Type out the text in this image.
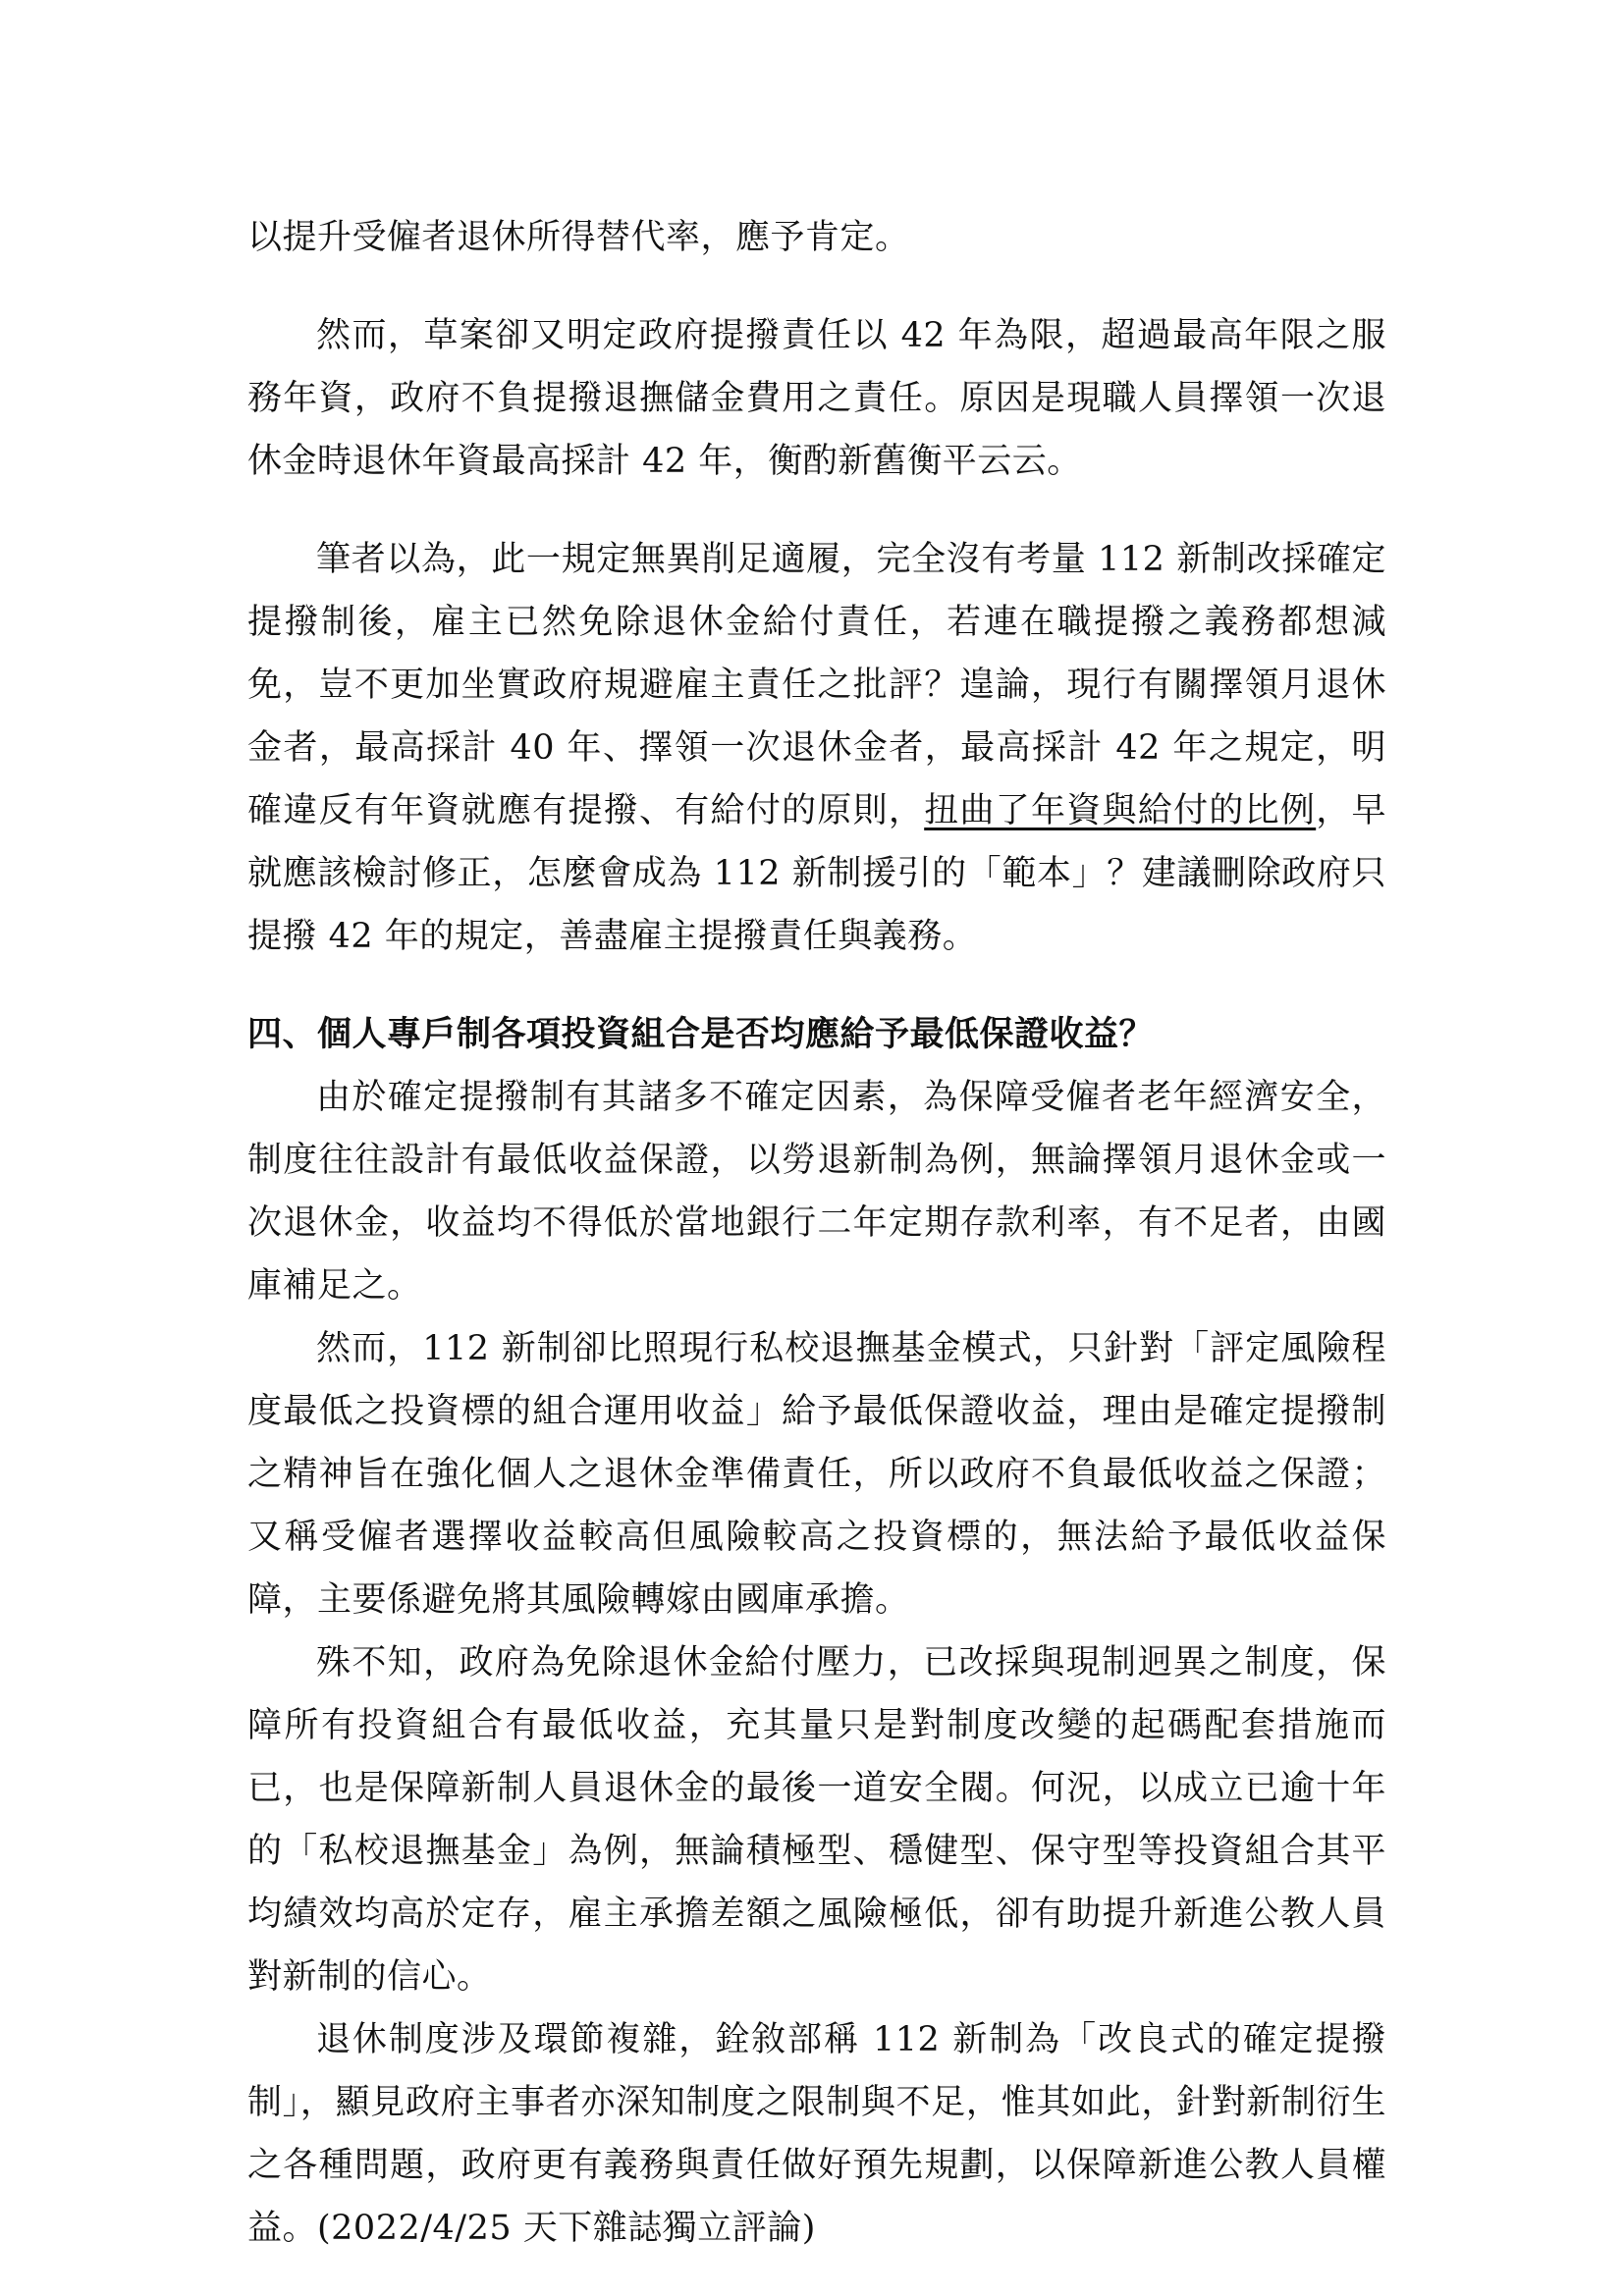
以提升受僱者退休所得替代率，應予肯定。

然而，草案卻又明定政府提撥責任以 42 年為限，超過最高年限之服務年資，政府不負提撥退撫儲金費用之責任。原因是現職人員擇領一次退休金時退休年資最高採計 42 年，衡酌新舊衡平云云。

筆者以為，此一規定無異削足適履，完全沒有考量 112 新制改採確定提撥制後，雇主已然免除退休金給付責任，若連在職提撥之義務都想減免，豈不更加坐實政府規避雇主責任之批評？遑論，現行有關擇領月退休金者，最高採計 40 年、擇領一次退休金者，最高採計 42 年之規定，明確違反有年資就應有提撥、有給付的原則，扭曲了年資與給付的比例，早就應該檢討修正，怎麼會成為 112 新制援引的「範本」？建議刪除政府只提撥 42 年的規定，善盡雇主提撥責任與義務。

四、個人專戶制各項投資組合是否均應給予最低保證收益？

由於確定提撥制有其諸多不確定因素，為保障受僱者老年經濟安全，制度往往設計有最低收益保證，以勞退新制為例，無論擇領月退休金或一次退休金，收益均不得低於當地銀行二年定期存款利率，有不足者，由國庫補足之。

然而，112 新制卻比照現行私校退撫基金模式，只針對「評定風險程度最低之投資標的組合運用收益」給予最低保證收益，理由是確定提撥制之精神旨在強化個人之退休金準備責任，所以政府不負最低收益之保證；又稱受僱者選擇收益較高但風險較高之投資標的，無法給予最低收益保障，主要係避免將其風險轉嫁由國庫承擔。

殊不知，政府為免除退休金給付壓力，已改採與現制迥異之制度，保障所有投資組合有最低收益，充其量只是對制度改變的起碼配套措施而已，也是保障新制人員退休金的最後一道安全閥。何況，以成立已逾十年的「私校退撫基金」為例，無論積極型、穩健型、保守型等投資組合其平均績效均高於定存，雇主承擔差額之風險極低，卻有助提升新進公教人員對新制的信心。

退休制度涉及環節複雜，銓敘部稱 112 新制為「改良式的確定提撥制」，顯見政府主事者亦深知制度之限制與不足，惟其如此，針對新制衍生之各種問題，政府更有義務與責任做好預先規劃，以保障新進公教人員權益。(2022/4/25 天下雜誌獨立評論)
